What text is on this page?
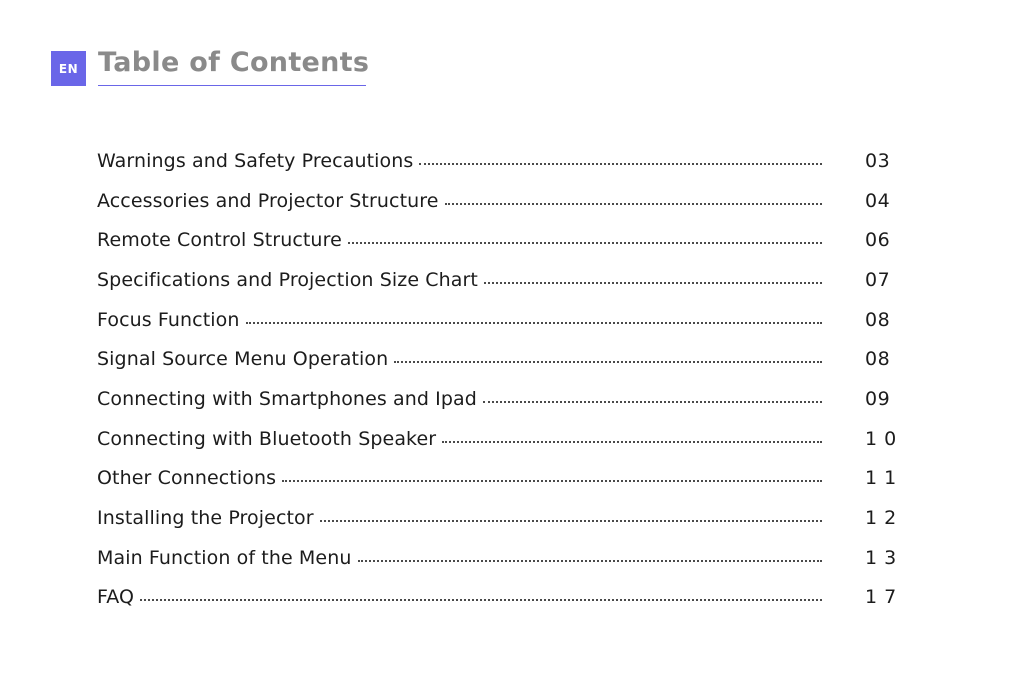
EN Table of Contents
Warnings and Safety Precautions	03
Accessories and Projector Structure	04
Remote Control Structure	06
Specifications and Projection Size Chart	07
Focus Function	08
Signal Source Menu Operation	08
Connecting with Smartphones and Ipad	09
Connecting with Bluetooth Speaker	1 0
Other Connections	1 1
Installing the Projector	1 2
Main Function of the Menu	1 3
FAQ	1 7
